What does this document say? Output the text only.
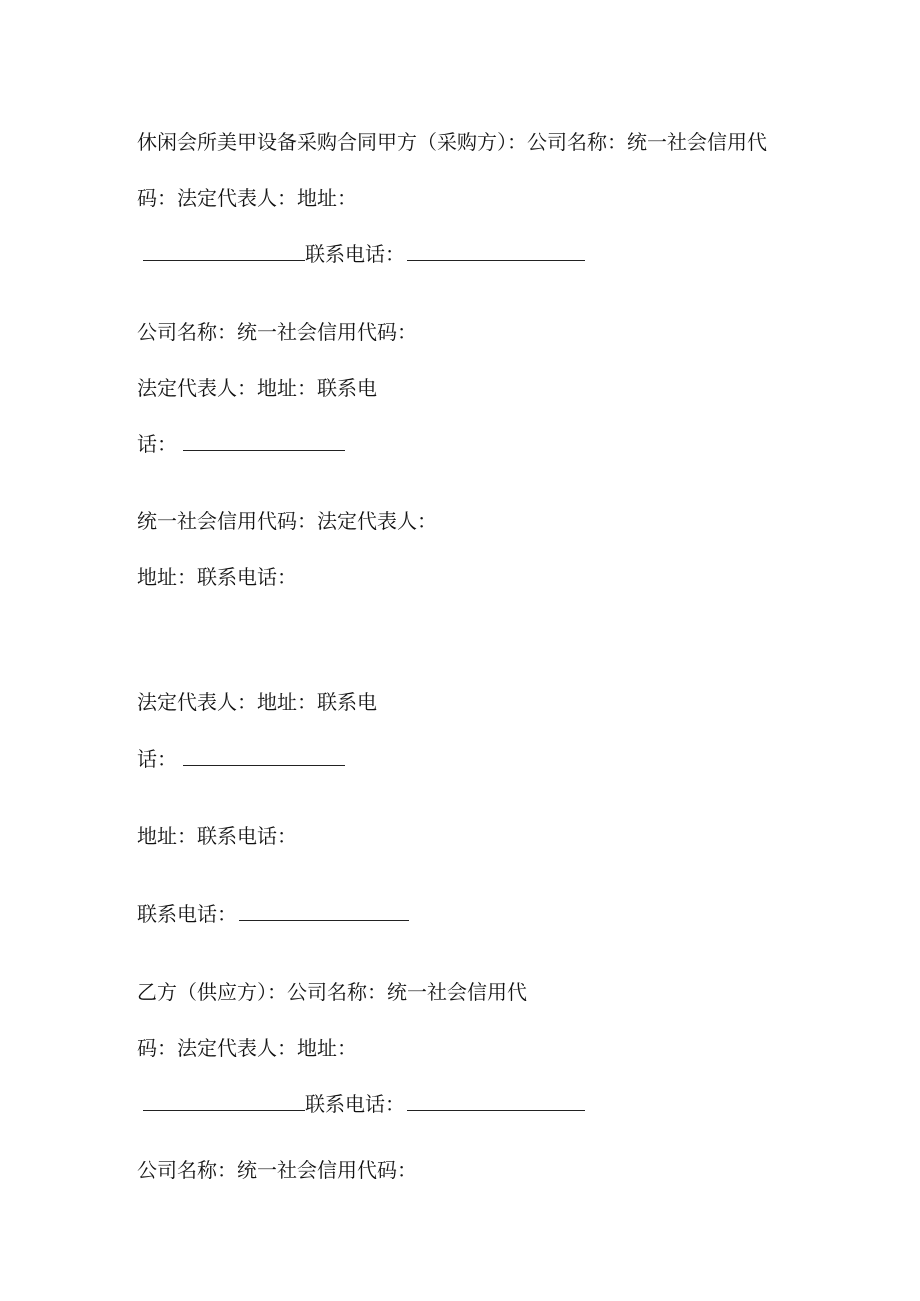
休闲会所美甲设备采购合同甲方（采购方）：公司名称：统一社会信用代
码：法定代表人：地址：
联系电话：
公司名称：统一社会信用代码：
法定代表人：地址：联系电
话：
统一社会信用代码：法定代表人：
地址：联系电话：
法定代表人：地址：联系电
话：
地址：联系电话：
联系电话：
乙方（供应方）：公司名称：统一社会信用代
码：法定代表人：地址：
联系电话：
公司名称：统一社会信用代码：
